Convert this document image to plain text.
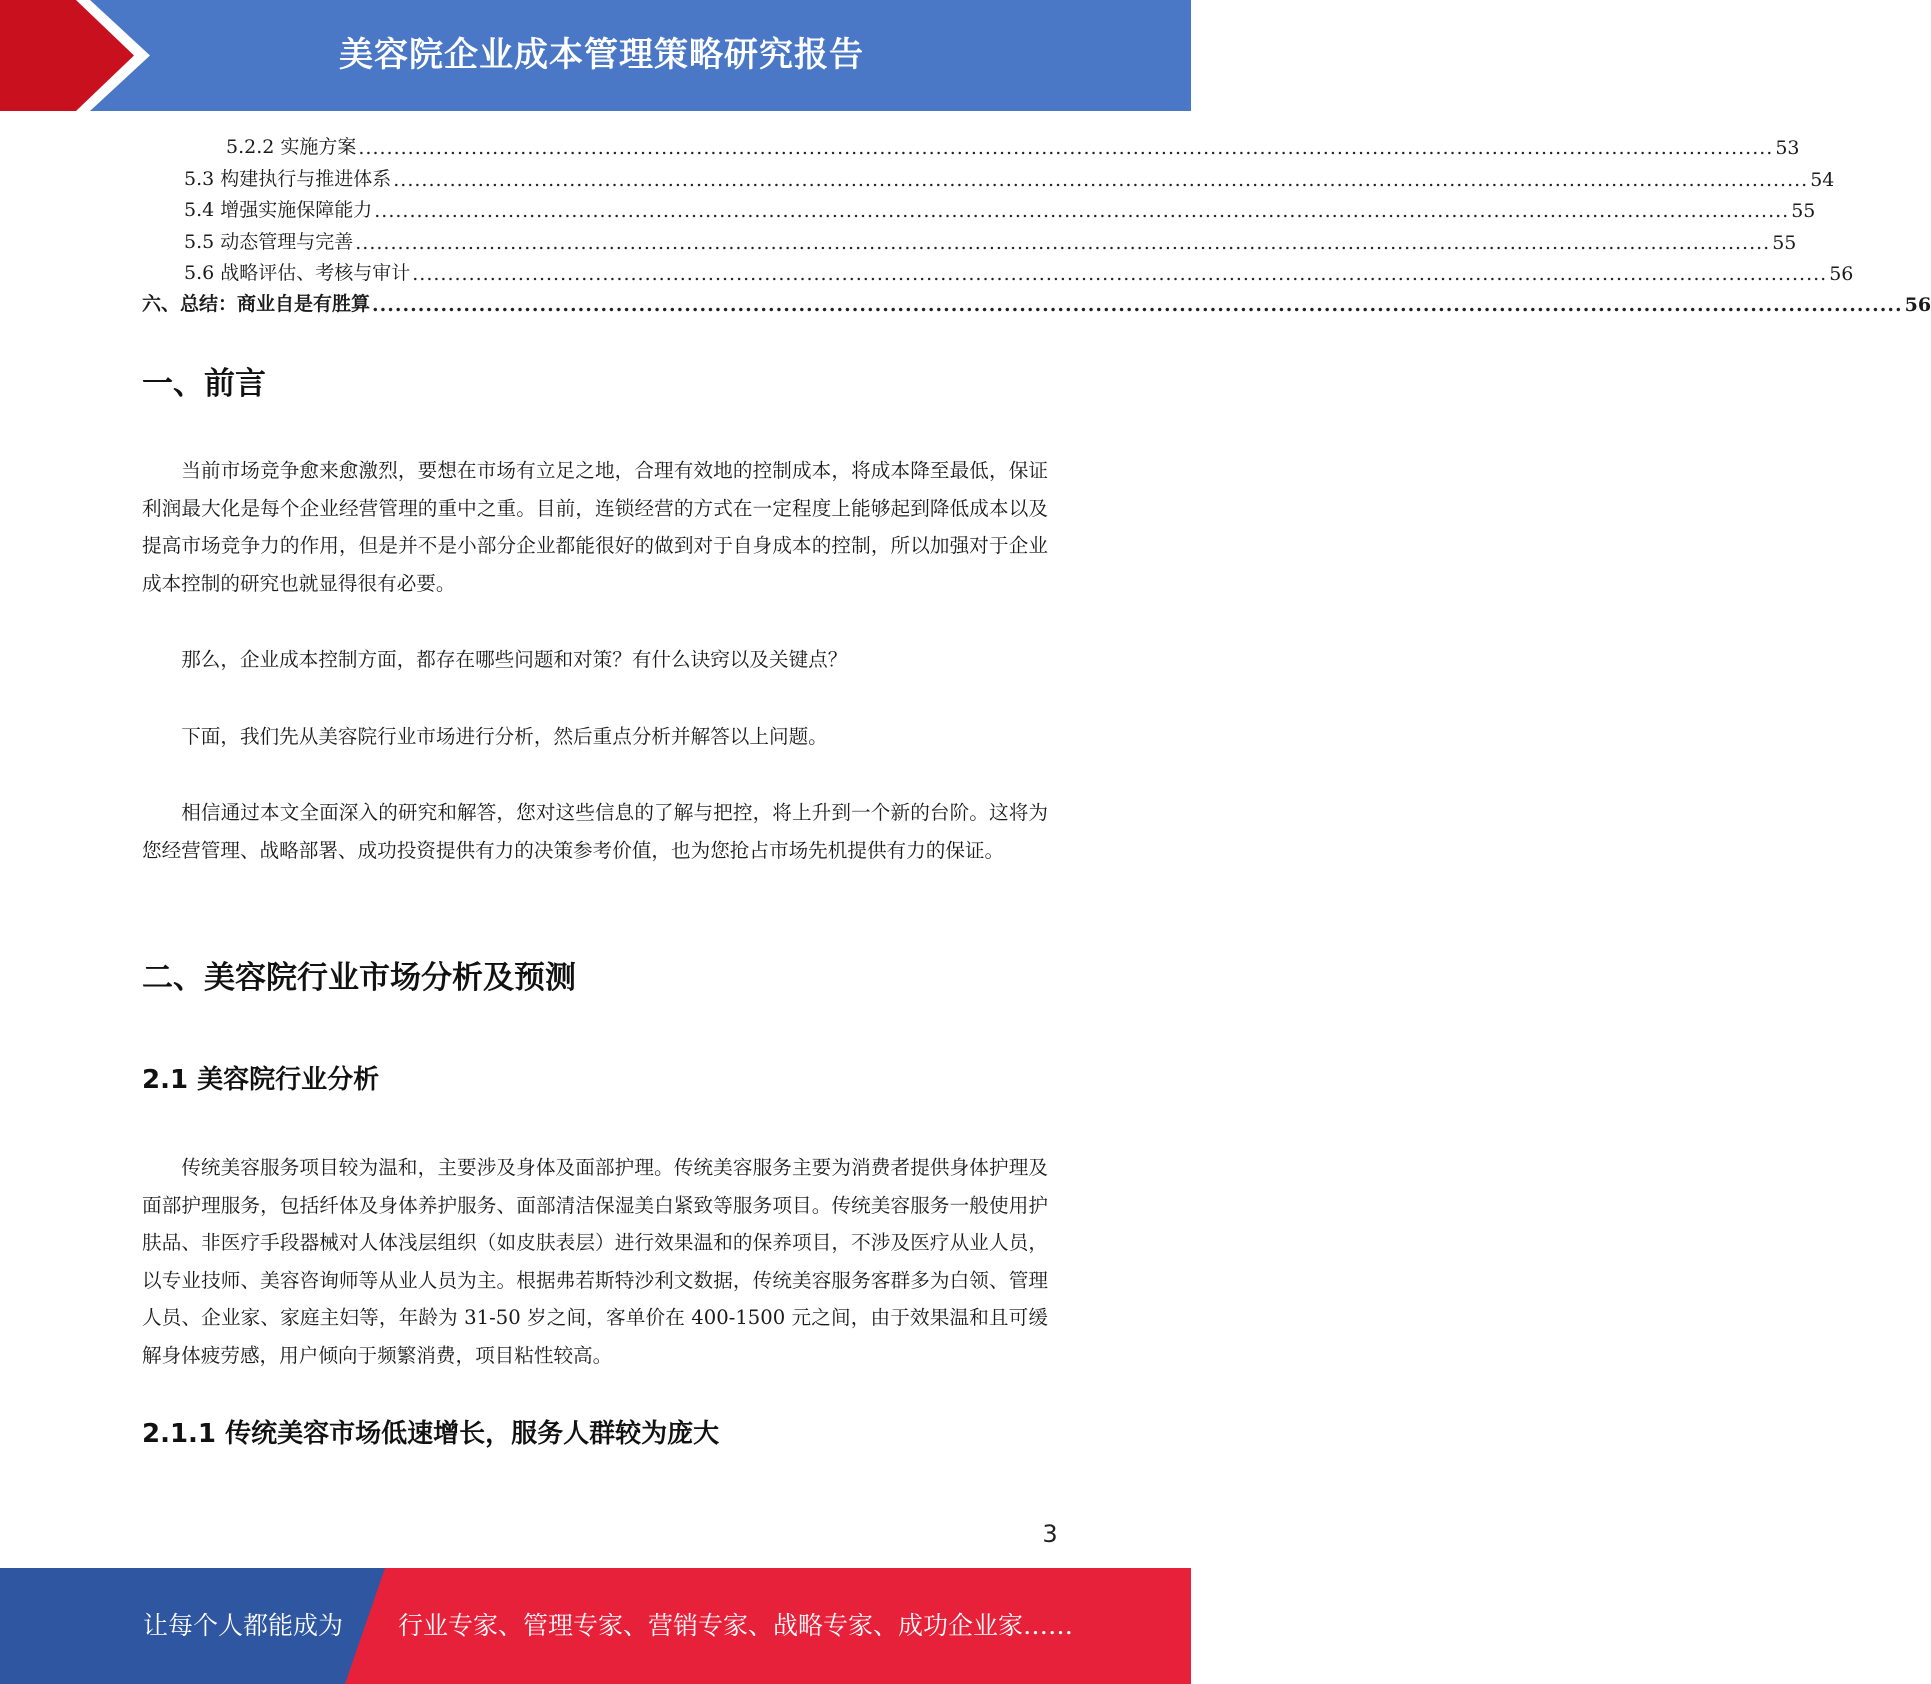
美容院企业成本管理策略研究报告
5.2.2 实施方案 ......................................................................................................................................................................................................... 53
5.3 构建执行与推进体系 ......................................................................................................................................................................................................... 54
5.4 增强实施保障能力 ......................................................................................................................................................................................................... 55
5.5 动态管理与完善 ......................................................................................................................................................................................................... 55
5.6 战略评估、考核与审计 ......................................................................................................................................................................................................... 56
六、总结：商业自是有胜算 ......................................................................................................................................................................................................... 56
一、前言

当前市场竞争愈来愈激烈，要想在市场有立足之地，合理有效地的控制成本，将成本降至最低，保证利润最大化是每个企业经营管理的重中之重。目前，连锁经营的方式在一定程度上能够起到降低成本以及提高市场竞争力的作用，但是并不是小部分企业都能很好的做到对于自身成本的控制，所以加强对于企业成本控制的研究也就显得很有必要。

那么，企业成本控制方面，都存在哪些问题和对策？有什么诀窍以及关键点？

下面，我们先从美容院行业市场进行分析，然后重点分析并解答以上问题。

相信通过本文全面深入的研究和解答，您对这些信息的了解与把控，将上升到一个新的台阶。这将为您经营管理、战略部署、成功投资提供有力的决策参考价值，也为您抢占市场先机提供有力的保证。

二、美容院行业市场分析及预测
2.1 美容院行业分析

传统美容服务项目较为温和，主要涉及身体及面部护理。传统美容服务主要为消费者提供身体护理及面部护理服务，包括纤体及身体养护服务、面部清洁保湿美白紧致等服务项目。传统美容服务一般使用护肤品、非医疗手段器械对人体浅层组织（如皮肤表层）进行效果温和的保养项目，不涉及医疗从业人员，以专业技师、美容咨询师等从业人员为主。根据弗若斯特沙利文数据，传统美容服务客群多为白领、管理人员、企业家、家庭主妇等，年龄为 31-50 岁之间，客单价在 400-1500 元之间，由于效果温和且可缓解身体疲劳感，用户倾向于频繁消费，项目粘性较高。

2.1.1 传统美容市场低速增长，服务人群较为庞大
3
让每个人都能成为 行业专家、管理专家、营销专家、战略专家、成功企业家……
